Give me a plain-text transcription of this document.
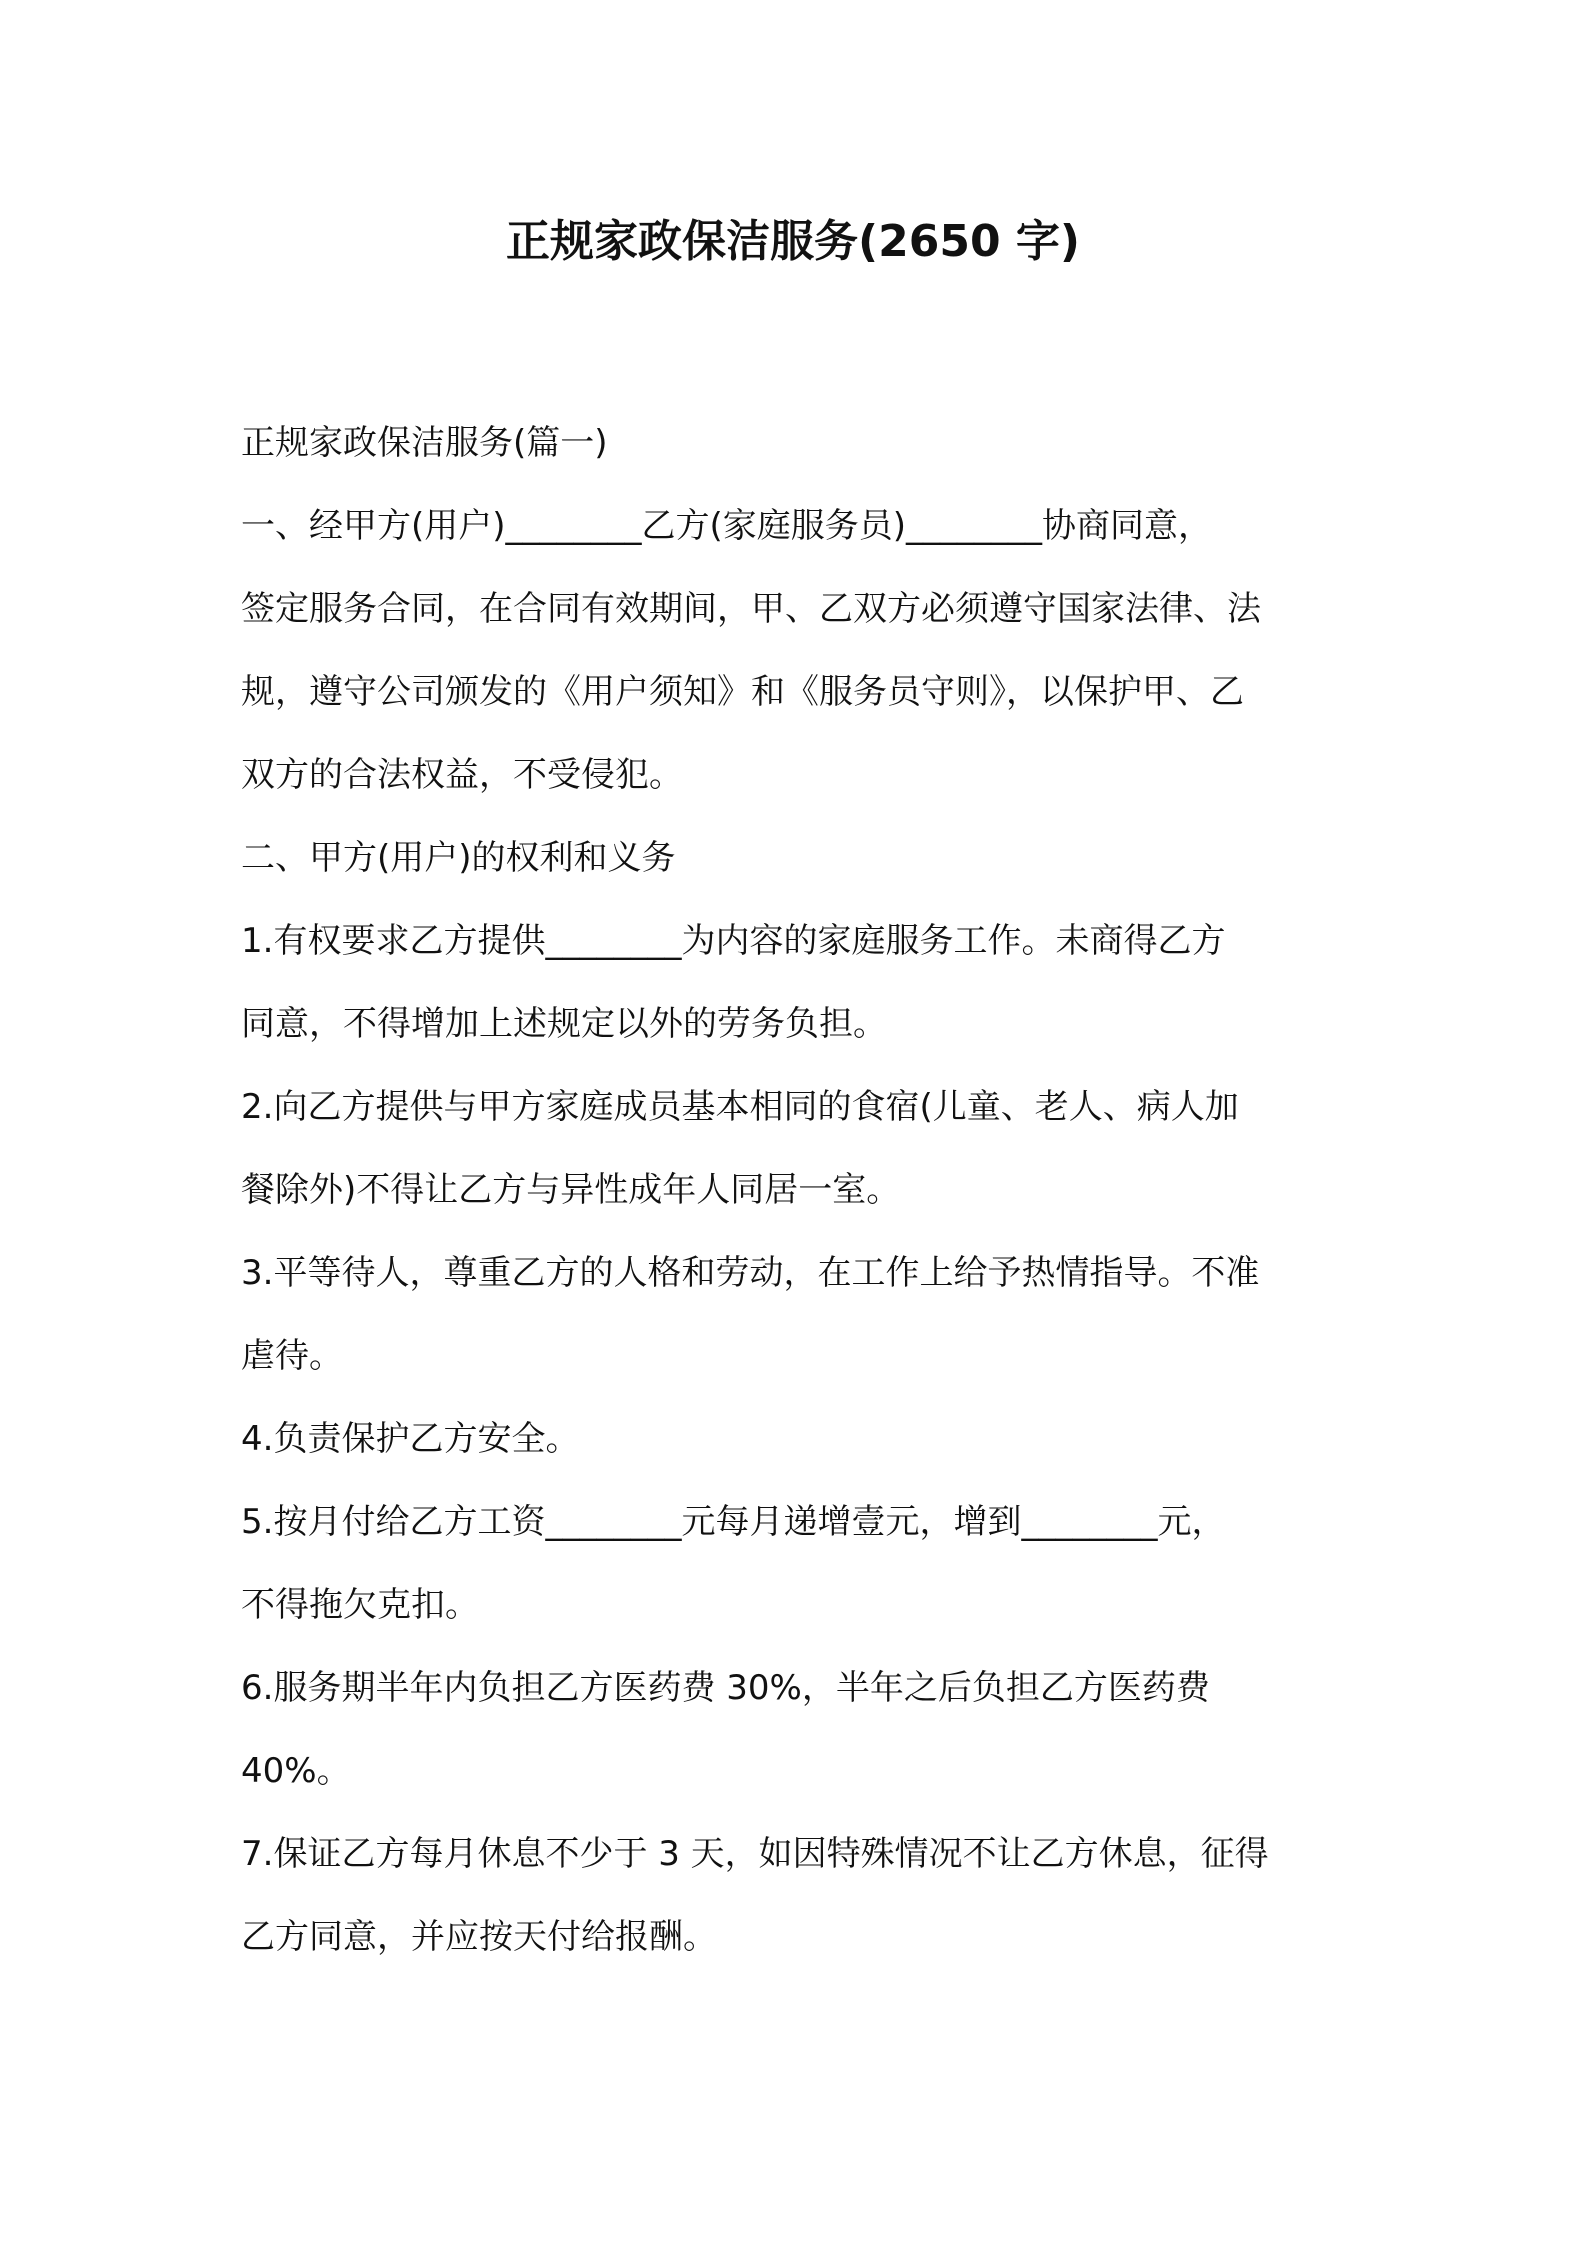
正规家政保洁服务(2650 字)
正规家政保洁服务(篇一)
一、经甲方(用户)________乙方(家庭服务员)________协商同意，
签定服务合同，在合同有效期间，甲、乙双方必须遵守国家法律、法
规，遵守公司颁发的《用户须知》和《服务员守则》，以保护甲、乙
双方的合法权益，不受侵犯。
二、甲方(用户)的权利和义务
1.有权要求乙方提供________为内容的家庭服务工作。未商得乙方
同意，不得增加上述规定以外的劳务负担。
2.向乙方提供与甲方家庭成员基本相同的食宿(儿童、老人、病人加
餐除外)不得让乙方与异性成年人同居一室。
3.平等待人，尊重乙方的人格和劳动，在工作上给予热情指导。不准
虐待。
4.负责保护乙方安全。
5.按月付给乙方工资________元每月递增壹元，增到________元，
不得拖欠克扣。
6.服务期半年内负担乙方医药费 30%，半年之后负担乙方医药费
40%。
7.保证乙方每月休息不少于 3 天，如因特殊情况不让乙方休息，征得
乙方同意，并应按天付给报酬。
